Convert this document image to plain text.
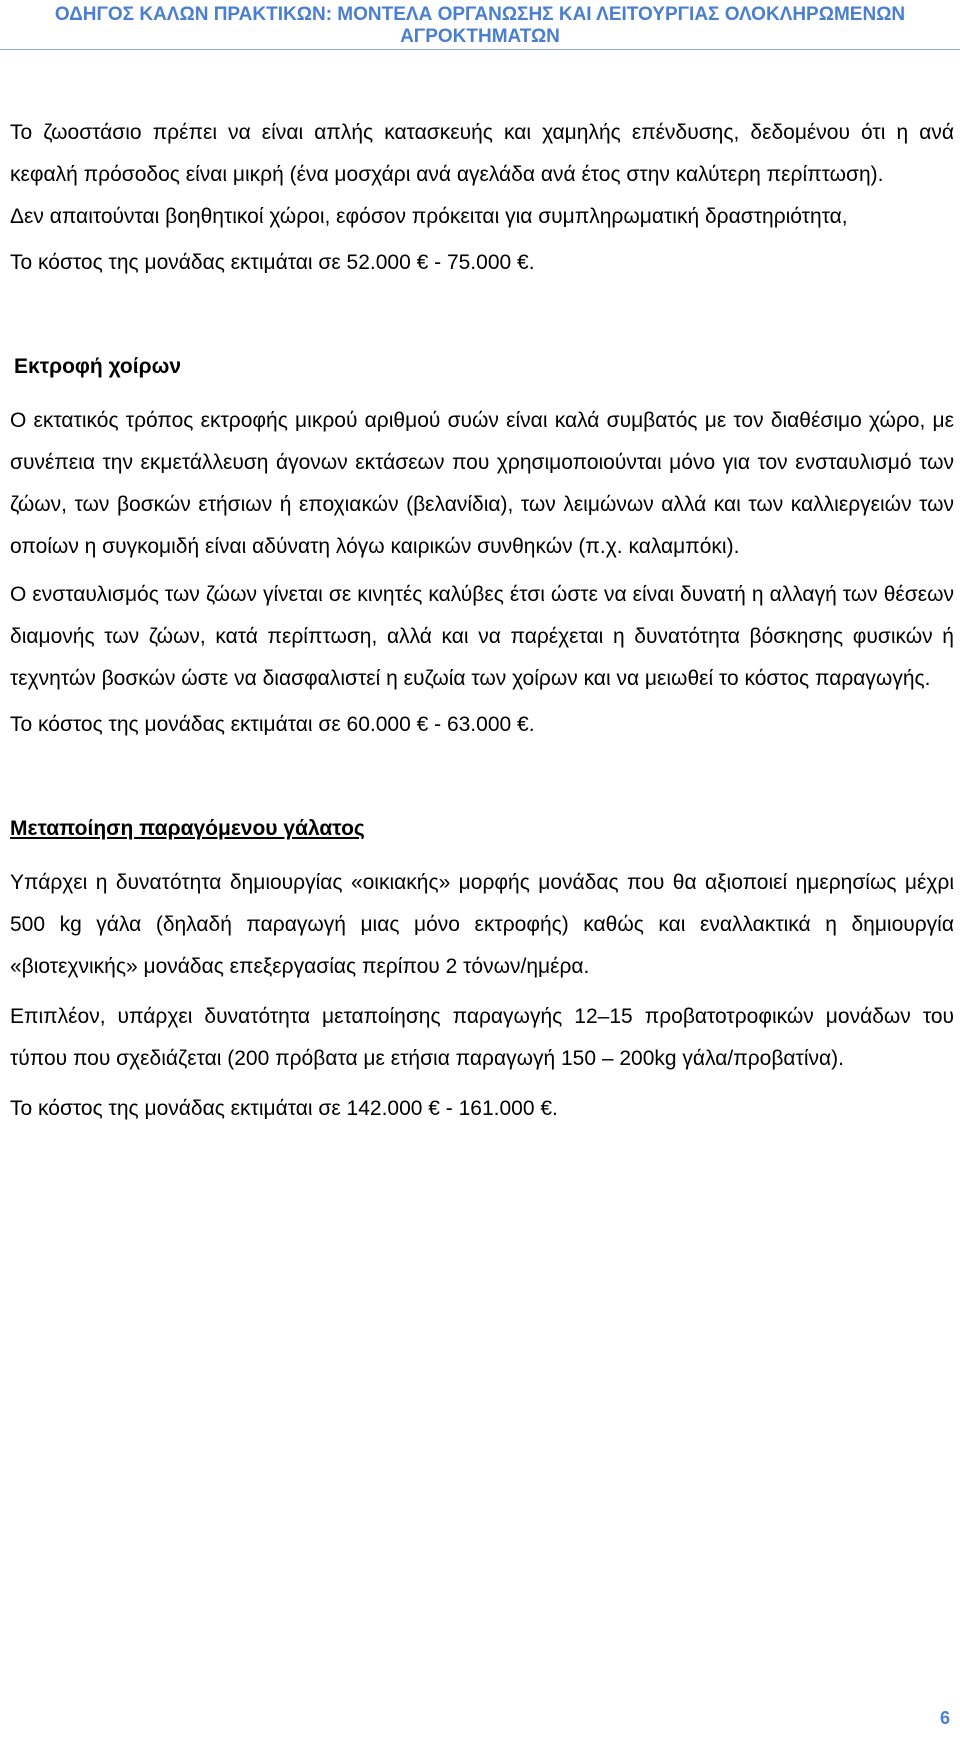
ΟΔΗΓΟΣ ΚΑΛΩΝ ΠΡΑΚΤΙΚΩΝ: ΜΟΝΤΕΛΑ ΟΡΓΑΝΩΣΗΣ ΚΑΙ ΛΕΙΤΟΥΡΓΙΑΣ ΟΛΟΚΛΗΡΩΜΕΝΩΝ
ΑΓΡΟΚΤΗΜΑΤΩΝ

Το ζωοστάσιο πρέπει να είναι απλής κατασκευής και χαμηλής επένδυσης, δεδομένου ότι η ανά κεφαλή πρόσοδος είναι μικρή (ένα μοσχάρι ανά αγελάδα ανά έτος στην καλύτερη περίπτωση).

Δεν απαιτούνται βοηθητικοί χώροι, εφόσον πρόκειται για συμπληρωματική δραστηριότητα,

Το κόστος της μονάδας εκτιμάται σε 52.000 € - 75.000 €.

Εκτροφή χοίρων

Ο εκτατικός τρόπος εκτροφής μικρού αριθμού συών είναι καλά συμβατός με τον διαθέσιμο χώρο, με συνέπεια την εκμετάλλευση άγονων εκτάσεων που χρησιμοποιούνται μόνο για τον ενσταυλισμό των ζώων, των βοσκών ετήσιων ή εποχιακών (βελανίδια), των λειμώνων αλλά και των καλλιεργειών των οποίων η συγκομιδή είναι αδύνατη λόγω καιρικών συνθηκών (π.χ. καλαμπόκι).

Ο ενσταυλισμός των ζώων γίνεται σε κινητές καλύβες έτσι ώστε να είναι δυνατή η αλλαγή των θέσεων διαμονής των ζώων, κατά περίπτωση, αλλά και να παρέχεται η δυνατότητα βόσκησης φυσικών ή τεχνητών βοσκών ώστε να διασφαλιστεί η ευζωία των χοίρων και να μειωθεί το κόστος παραγωγής.

Το κόστος της μονάδας εκτιμάται σε 60.000 € - 63.000 €.

Μεταποίηση παραγόμενου γάλατος

Υπάρχει η δυνατότητα δημιουργίας «οικιακής» μορφής μονάδας που θα αξιοποιεί ημερησίως μέχρι 500 kg γάλα (δηλαδή παραγωγή μιας μόνο εκτροφής) καθώς και εναλλακτικά η δημιουργία «βιοτεχνικής» μονάδας επεξεργασίας περίπου 2 τόνων/ημέρα.

Επιπλέον, υπάρχει δυνατότητα μεταποίησης παραγωγής 12–15 προβατοτροφικών μονάδων του τύπου που σχεδιάζεται (200 πρόβατα με ετήσια παραγωγή 150 – 200kg γάλα/προβατίνα).

Το κόστος της μονάδας εκτιμάται σε 142.000 € - 161.000 €.

6
